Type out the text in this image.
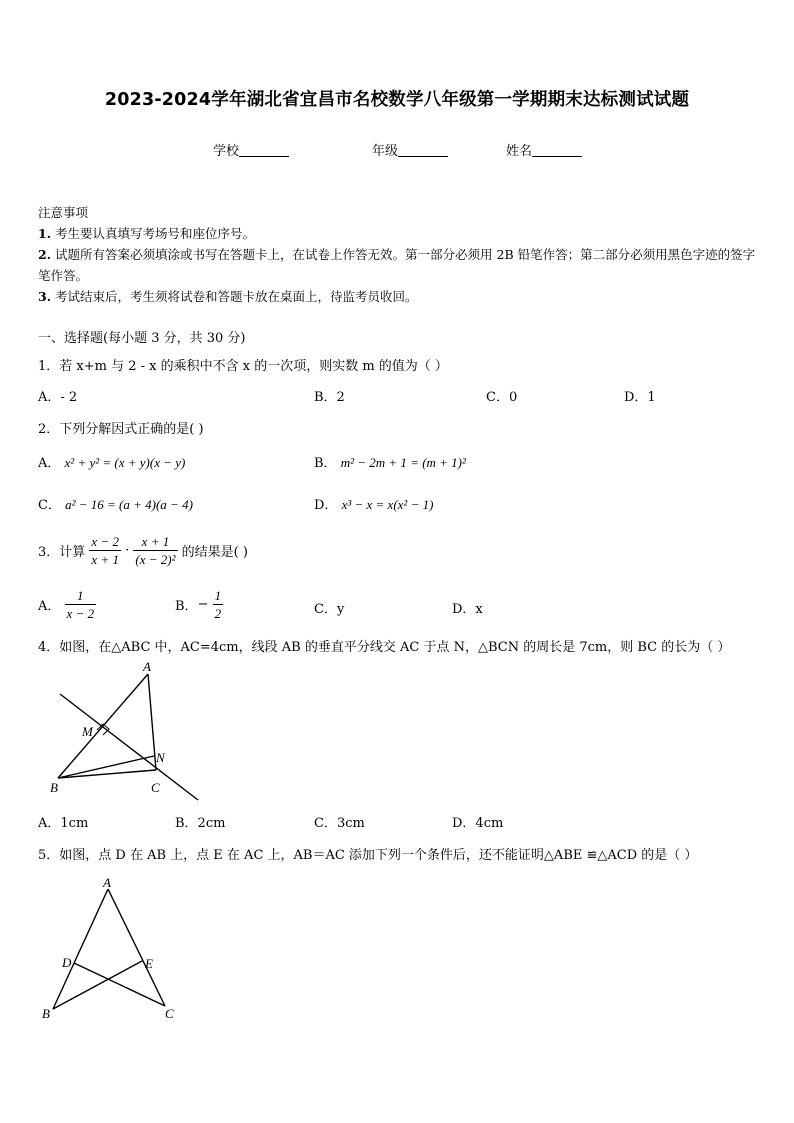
2023-2024学年湖北省宜昌市名校数学八年级第一学期期末达标测试试题
学校	年级	姓名

注意事项

1. 考生要认真填写考场号和座位序号。

2. 试题所有答案必须填涂或书写在答题卡上，在试卷上作答无效。第一部分必须用 2B 铅笔作答；第二部分必须用黑色字迹的签字笔作答。

3. 考试结束后，考生须将试卷和答题卡放在桌面上，待监考员收回。

一、选择题(每小题 3 分，共 30 分)
1．若 x+m 与 2 - x 的乘积中不含 x 的一次项，则实数 m 的值为（ ）
A．- 2	B．2	C．0	D．1
2．下列分解因式正确的是( )
A． x² + y² = (x + y)(x − y)	B． m² − 2m + 1 = (m + 1)²
C． a² − 16 = (a + 4)(a − 4)	D． x³ − x = x(x² − 1)
3．计算 $\frac{x - 2}{x + 1} \cdot \frac{x + 1}{\text{(x − 2)²}}$ 的结果是( )
A． $\frac{1}{x - 2}$	B．− $\frac{1}{2}$	C．y	D．x
4．如图，在△ABC 中，AC=4cm，线段 AB 的垂直平分线交 AC 于点 N，△BCN 的周长是 7cm，则 BC 的长为（ ）
A
M
N
B	C
A．1cm	B．2cm	C．3cm	D．4cm
5．如图，点 D 在 AB 上，点 E 在 AC 上，AB＝AC 添加下列一个条件后，还不能证明△ABE ≌△ACD 的是（ ）
A
D	E
B	C
